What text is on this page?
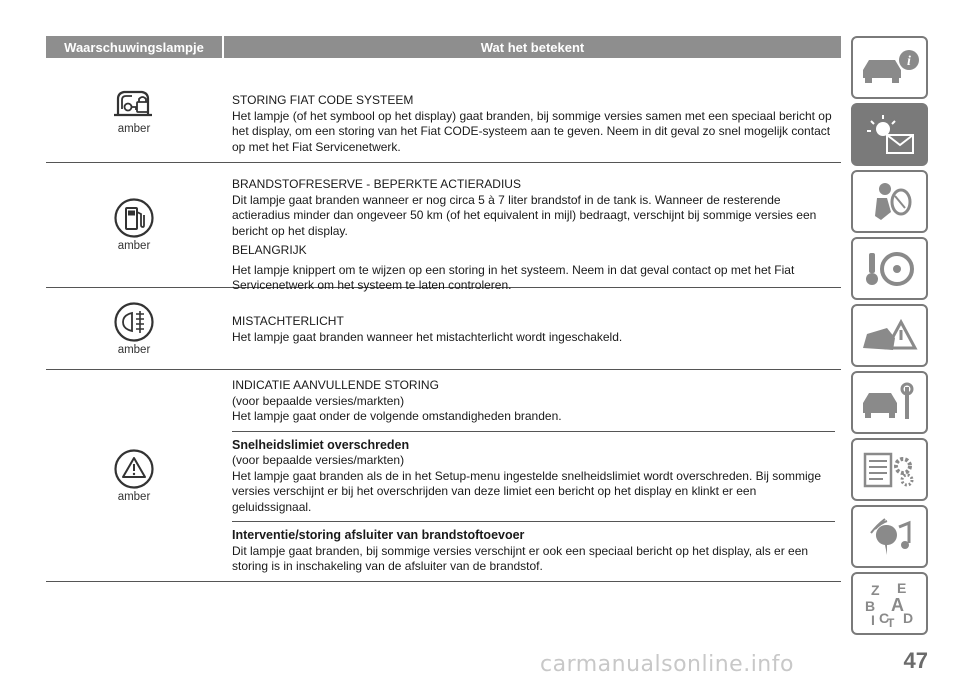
Waarschuwingslampje	Wat het betekent
amber

STORING FIAT CODE SYSTEEM

Het lampje (of het symbool op het display) gaat branden, bij sommige versies samen met een speciaal bericht op het display, om een storing van het Fiat CODE-systeem aan te geven. Neem in dit geval zo snel mogelijk contact op met het Fiat Servicenetwerk.

amber

BRANDSTOFRESERVE - BEPERKTE ACTIERADIUS

Dit lampje gaat branden wanneer er nog circa 5 à 7 liter brandstof in de tank is. Wanneer de resterende actieradius minder dan ongeveer 50 km (of het equivalent in mijl) bedraagt, verschijnt bij sommige versies een bericht op het display.

BELANGRIJK

Het lampje knippert om te wijzen op een storing in het systeem. Neem in dat geval contact op met het Fiat Servicenetwerk om het systeem te laten controleren.

amber

MISTACHTERLICHT

Het lampje gaat branden wanneer het mistachterlicht wordt ingeschakeld.

amber

INDICATIE AANVULLENDE STORING

(voor bepaalde versies/markten)

Het lampje gaat onder de volgende omstandigheden branden.

Snelheidslimiet overschreden

(voor bepaalde versies/markten)

Het lampje gaat branden als de in het Setup-menu ingestelde snelheidslimiet wordt overschreden. Bij sommige versies verschijnt er bij het overschrijden van deze limiet een bericht op het display en klinkt er een geluidssignaal.

Interventie/storing afsluiter van brandstoftoevoer

Dit lampje gaat branden, bij sommige versies verschijnt er ook een speciaal bericht op het display, als er een storing is in inschakeling van de afsluiter van de brandstof.

i
Z E
B A
I C
T D
carmanualsonline.info	47
